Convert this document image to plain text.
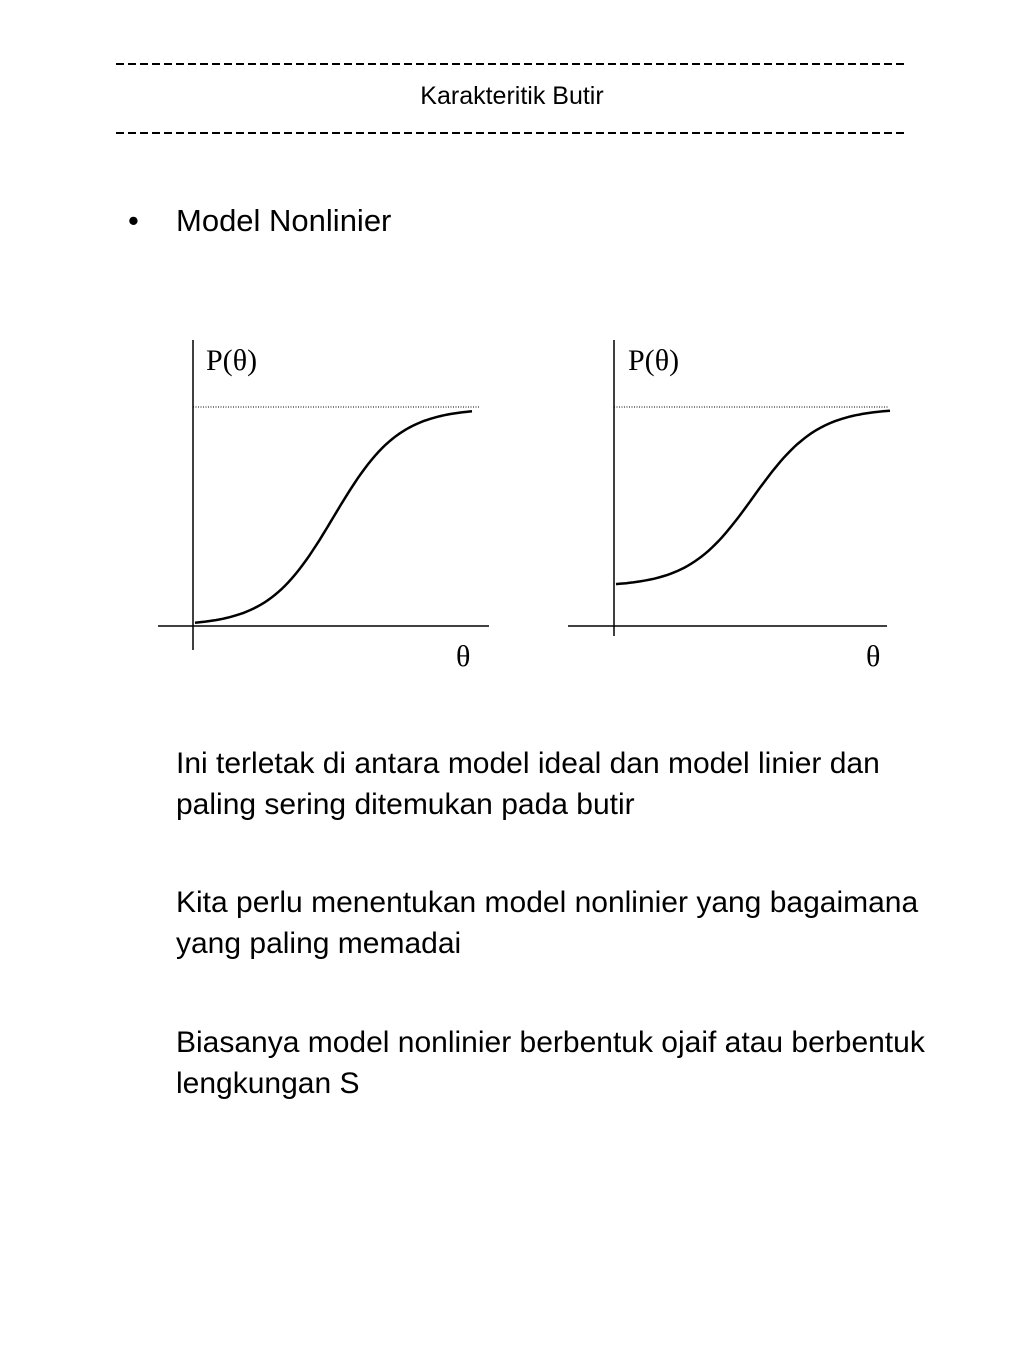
Karakteritik Butir
•	Model Nonlinier
P(θ)
θ
P(θ)
θ
Ini terletak di antara model ideal dan model linier dan paling sering ditemukan pada butir
Kita perlu menentukan model nonlinier yang bagaimana yang paling memadai
Biasanya model nonlinier berbentuk ojaif atau berbentuk lengkungan S
